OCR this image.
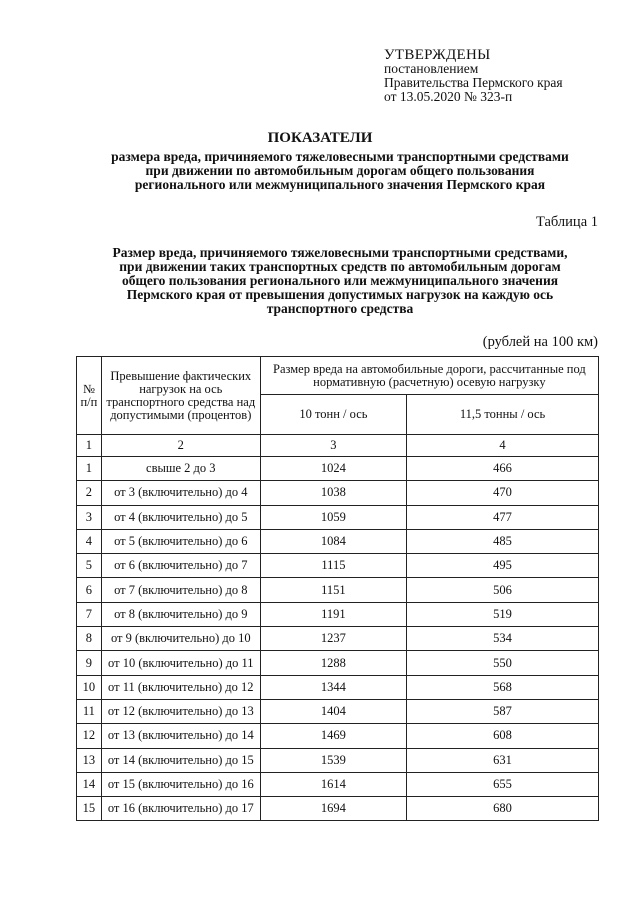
УТВЕРЖДЕНЫ
постановлением
Правительства Пермского края
от 13.05.2020 № 323-п
ПОКАЗАТЕЛИ
размера вреда, причиняемого тяжеловесными транспортными средствами
при движении по автомобильным дорогам общего пользования
регионального или межмуниципального значения Пермского края
Таблица 1
Размер вреда, причиняемого тяжеловесными транспортными средствами,
при движении таких транспортных средств по автомобильным дорогам
общего пользования регионального или межмуниципального значения
Пермского края от превышения допустимых нагрузок на каждую ось
транспортного средства
(рублей на 100 км)
№ п/п	Превышение фактических нагрузок на ось транспортного средства над допустимыми (процентов)	Размер вреда на автомобильные дороги, рассчитанные под нормативную (расчетную) осевую нагрузку	
		10 тонн / ось	11,5 тонны / ось
1	2	3	4
1	свыше 2 до 3	1024	466
2	от 3 (включительно) до 4	1038	470
3	от 4 (включительно) до 5	1059	477
4	от 5 (включительно) до 6	1084	485
5	от 6 (включительно) до 7	1115	495
6	от 7 (включительно) до 8	1151	506
7	от 8 (включительно) до 9	1191	519
8	от 9 (включительно) до 10	1237	534
9	от 10 (включительно) до 11	1288	550
10	от 11 (включительно) до 12	1344	568
11	от 12 (включительно) до 13	1404	587
12	от 13 (включительно) до 14	1469	608
13	от 14 (включительно) до 15	1539	631
14	от 15 (включительно) до 16	1614	655
15	от 16 (включительно) до 17	1694	680
